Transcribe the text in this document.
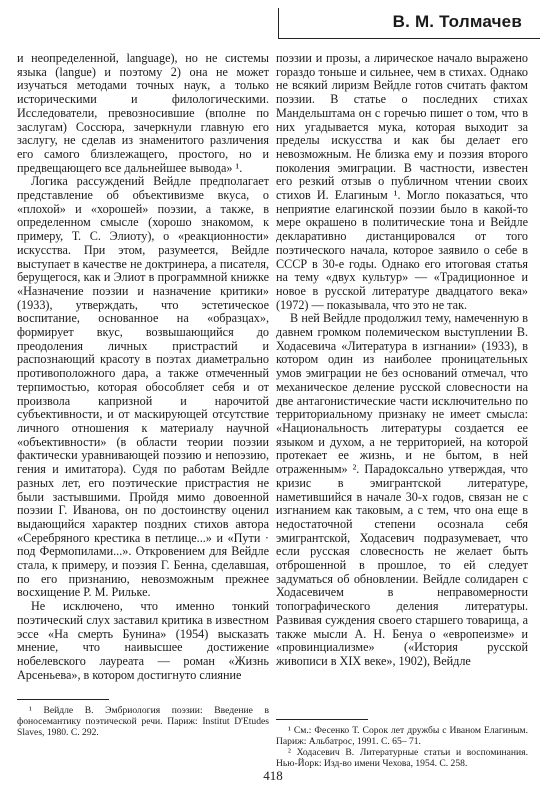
В. М. Толмачев

и неопределенной, language), но не системы языка (langue) и поэтому 2) она не может изучаться методами точных наук, а только историческими и филологическими. Исследователи, превозносившие (вполне по заслугам) Соссюра, зачеркнули главную его заслугу, не сделав из знаменитого различения его самого близлежащего, простого, но и предвещающего все дальнейшее вывода» ¹.

Логика рассуждений Вейдле предполагает представление об объективизме вкуса, о «плохой» и «хорошей» поэзии, а также, в определенном смысле (хорошо знакомом, к примеру, Т. С. Элиоту), о «реакционности» искусства. При этом, разумеется, Вейдле выступает в качестве не доктринера, а писателя, берущегося, как и Элиот в программной книжке «Назначение поэзии и назначение критики» (1933), утверждать, что эстетическое воспитание, основанное на «образцах», формирует вкус, возвышающийся до преодоления личных пристрастий и распознающий красоту в поэтах диаметрально противоположного дара, а также отмеченный терпимостью, которая обособляет себя и от произвола капризной и нарочитой субъективности, и от маскирующей отсутствие личного отношения к материалу научной «объективности» (в области теории поэзии фактически уравнивающей поэзию и непоэзию, гения и имитатора). Судя по работам Вейдле разных лет, его поэтические пристрастия не были застывшими. Пройдя мимо довоенной поэзии Г. Иванова, он по достоинству оценил выдающийся характер поздних стихов автора «Серебряного крестика в петлице...» и «Пути · под Фермопилами...». Откровением для Вейдле стала, к примеру, и поэзия Г. Бенна, сделавшая, по его признанию, невозможным прежнее восхищение Р. М. Рильке.

Не исключено, что именно тонкий поэтический слух заставил критика в известном эссе «На смерть Бунина» (1954) высказать мнение, что наивысшее достижение нобелевского лауреата — роман «Жизнь Арсеньева», в котором достигнуто слияние

поэзии и прозы, а лирическое начало выражено гораздо тоньше и сильнее, чем в стихах. Однако не всякий лиризм Вейдле готов считать фактом поэзии. В статье о последних стихах Мандельштама он с горечью пишет о том, что в них угадывается мука, которая выходит за пределы искусства и как бы делает его невозможным. Не близка ему и поэзия второго поколения эмиграции. В частности, известен его резкий отзыв о публичном чтении своих стихов И. Елагиным ¹. Могло показаться, что неприятие елагинской поэзии было в какой-то мере окрашено в политические тона и Вейдле декларативно дистанцировался от того поэтического начала, которое заявило о себе в СССР в 30-е годы. Однако его итоговая статья на тему «двух культур» — «Традиционное и новое в русской литературе двадцатого века» (1972) — показывала, что это не так.

В ней Вейдле продолжил тему, намеченную в давнем громком полемическом выступлении В. Ходасевича «Литература в изгнании» (1933), в котором один из наиболее проницательных умов эмиграции не без оснований отмечал, что механическое деление русской словесности на две антагонистические части исключительно по территориальному признаку не имеет смысла: «Национальность литературы создается ее языком и духом, а не территорией, на которой протекает ее жизнь, и не бытом, в ней отраженным» ². Парадоксально утверждая, что кризис в эмигрантской литературе, наметившийся в начале 30-х годов, связан не с изгнанием как таковым, а с тем, что она еще в недостаточной степени осознала себя эмигрантской, Ходасевич подразумевает, что если русская словесность не желает быть отброшенной в прошлое, то ей следует задуматься об обновлении. Вейдле солидарен с Ходасевичем в неправомерности топографического деления литературы. Развивая суждения своего старшего товарища, а также мысли А. Н. Бенуа о «европеизме» и «провинциализме» («История русской живописи в XIX веке», 1902), Вейдле

¹ Вейдле В. Эмбриология поэзии: Введение в фоносемантику поэтической речи. Париж: Institut D'Etudes Slaves, 1980. С. 292.	¹ См.: Фесенко Т. Сорок лет дружбы с Иваном Елагиным. Париж: Альбатрос, 1991. С. 65– 71.

² Ходасевич В. Литературные статьи и воспоминания. Нью-Йорк: Изд-во имени Чехова, 1954. С. 258.

418
